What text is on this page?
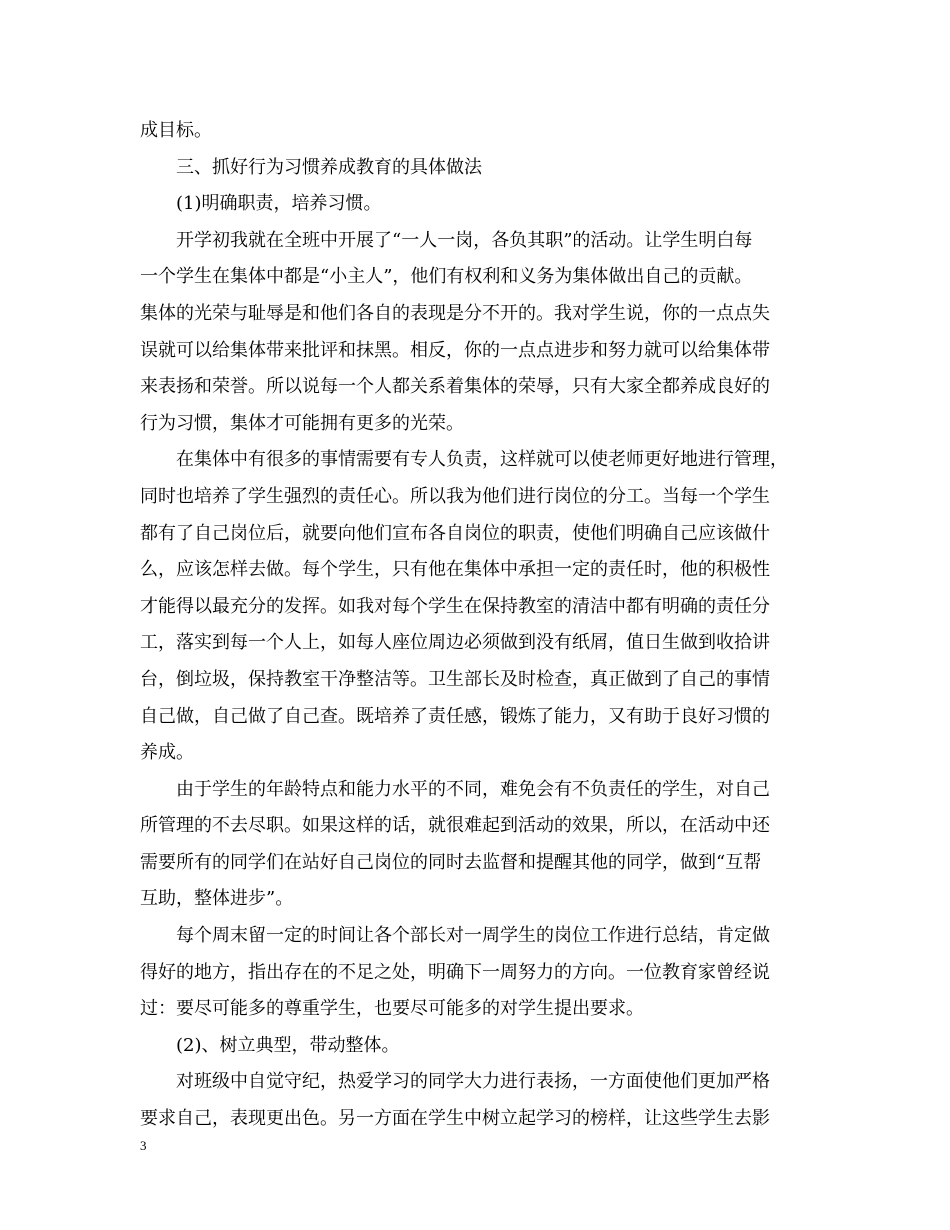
成目标。

三、抓好行为习惯养成教育的具体做法

(1)明确职责，培养习惯。

开学初我就在全班中开展了“一人一岗，各负其职”的活动。让学生明白每
一个学生在集体中都是“小主人”，他们有权利和义务为集体做出自己的贡献。
集体的光荣与耻辱是和他们各自的表现是分不开的。我对学生说，你的一点点失
误就可以给集体带来批评和抹黑。相反，你的一点点进步和努力就可以给集体带
来表扬和荣誉。所以说每一个人都关系着集体的荣辱，只有大家全都养成良好的
行为习惯，集体才可能拥有更多的光荣。

在集体中有很多的事情需要有专人负责，这样就可以使老师更好地进行管理，
同时也培养了学生强烈的责任心。所以我为他们进行岗位的分工。当每一个学生
都有了自己岗位后，就要向他们宣布各自岗位的职责，使他们明确自己应该做什
么，应该怎样去做。每个学生，只有他在集体中承担一定的责任时，他的积极性
才能得以最充分的发挥。如我对每个学生在保持教室的清洁中都有明确的责任分
工，落实到每一个人上，如每人座位周边必须做到没有纸屑，值日生做到收拾讲
台，倒垃圾，保持教室干净整洁等。卫生部长及时检查，真正做到了自己的事情
自己做，自己做了自己查。既培养了责任感，锻炼了能力，又有助于良好习惯的
养成。

由于学生的年龄特点和能力水平的不同，难免会有不负责任的学生，对自己
所管理的不去尽职。如果这样的话，就很难起到活动的效果，所以，在活动中还
需要所有的同学们在站好自己岗位的同时去监督和提醒其他的同学，做到“互帮
互助，整体进步”。

每个周末留一定的时间让各个部长对一周学生的岗位工作进行总结，肯定做
得好的地方，指出存在的不足之处，明确下一周努力的方向。一位教育家曾经说
过：要尽可能多的尊重学生，也要尽可能多的对学生提出要求。

(2)、树立典型，带动整体。

对班级中自觉守纪，热爱学习的同学大力进行表扬，一方面使他们更加严格
要求自己，表现更出色。另一方面在学生中树立起学习的榜样，让这些学生去影

3
